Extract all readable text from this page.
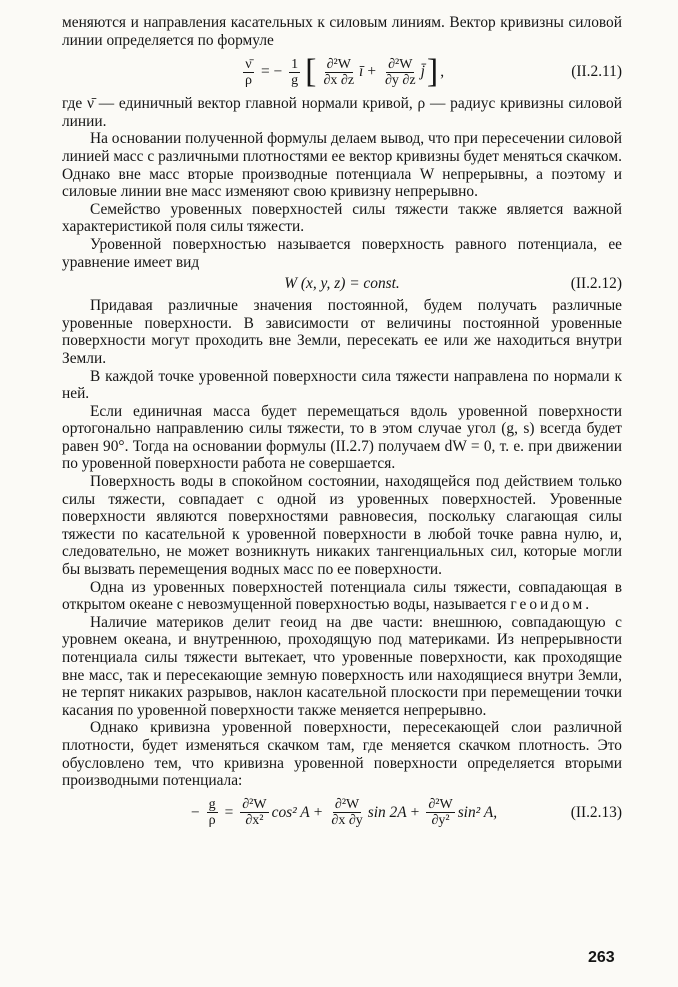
меняются и направления касательных к силовым линиям. Вектор кривизны силовой линии определяется по формуле

$\frac{\nū}{\rho}$ = − $\frac{1}{g}$ [ $\frac{\text{∂²W}}{\partial x \partial z}$ ī + $\frac{\text{∂²W}}{\partial y \partial z}$ j̄ ] ,	(II.2.11)

где ν̄ — единичный вектор главной нормали кривой, ρ — радиус кривизны силовой линии.

На основании полученной формулы делаем вывод, что при пересечении силовой линией масс с различными плотностями ее вектор кривизны будет меняться скачком. Однако вне масс вторые производные потенциала W непрерывны, а поэтому и силовые линии вне масс изменяют свою кривизну непрерывно.

Семейство уровенных поверхностей силы тяжести также является важной характеристикой поля силы тяжести.

Уровенной поверхностью называется поверхность равного потенциала, ее уравнение имеет вид

W (x, y, z) = const.	(II.2.12)

Придавая различные значения постоянной, будем получать различные уровенные поверхности. В зависимости от величины постоянной уровенные поверхности могут проходить вне Земли, пересекать ее или же находиться внутри Земли.

В каждой точке уровенной поверхности сила тяжести направлена по нормали к ней.

Если единичная масса будет перемещаться вдоль уровенной поверхности ортогонально направлению силы тяжести, то в этом случае угол (g, s) всегда будет равен 90°. Тогда на основании формулы (II.2.7) получаем dW = 0, т. е. при движении по уровенной поверхности работа не совершается.

Поверхность воды в спокойном состоянии, находящейся под действием только силы тяжести, совпадает с одной из уровенных поверхностей. Уровенные поверхности являются поверхностями равновесия, поскольку слагающая силы тяжести по касательной к уровенной поверхности в любой точке равна нулю, и, следовательно, не может возникнуть никаких тангенциальных сил, которые могли бы вызвать перемещения водных масс по ее поверхности.

Одна из уровенных поверхностей потенциала силы тяжести, совпадающая в открытом океане с невозмущенной поверхностью воды, называется геоидом.

Наличие материков делит геоид на две части: внешнюю, совпадающую с уровнем океана, и внутреннюю, проходящую под материками. Из непрерывности потенциала силы тяжести вытекает, что уровенные поверхности, как проходящие вне масс, так и пересекающие земную поверхность или находящиеся внутри Земли, не терпят никаких разрывов, наклон касательной плоскости при перемещении точки касания по уровенной поверхности также меняется непрерывно.

Однако кривизна уровенной поверхности, пересекающей слои различной плотности, будет изменяться скачком там, где меняется скачком плотность. Это обусловлено тем, что кривизна уровенной поверхности определяется вторыми производными потенциала:

− $\frac{g}{\rho} = \frac{\text{∂²W}}{\text{∂x²}} \cos^2$ $A + \frac{\text{∂²W}}{\partial x \partial y}$ $\sin 2A + \frac{\text{∂²W}}{\text{∂y²}} \sin^2$ A,	(II.2.13)
263
